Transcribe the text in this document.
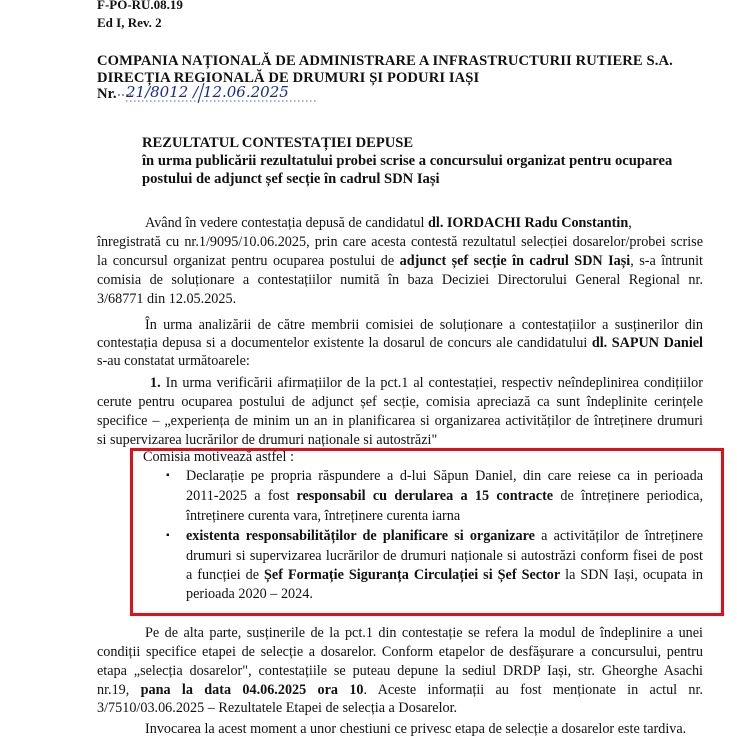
F-PO-RU.08.19
Ed I, Rev. 2
COMPANIA NAȚIONALĂ DE ADMINISTRARE A INFRASTRUCTURII RUTIERE S.A.
DIRECȚIA REGIONALĂ DE DRUMURI ȘI PODURI IAȘI
Nr. 21/8012 / 12.06.2025
REZULTATUL CONTESTAȚIEI DEPUSE
în urma publicării rezultatului probei scrise a concursului organizat pentru ocuparea
postului de adjunct șef secție în cadrul SDN Iași
Având în vedere contestația depusă de candidatul dl. IORDACHI Radu Constantin,
înregistrată cu nr.1/9095/10.06.2025, prin care acesta contestă rezultatul selecției dosarelor/probei scrise
la concursul organizat pentru ocuparea postului de adjunct șef secție în cadrul SDN Iași, s-a întrunit
comisia de soluționare a contestațiilor numită în baza Deciziei Directorului General Regional nr.
3/68771 din 12.05.2025.
În urma analizării de către membrii comisiei de soluționare a contestațiilor a susținerilor din
contestația depusa si a documentelor existente la dosarul de concurs ale candidatului dl. SAPUN Daniel
s-au constatat următoarele:
1. In urma verificării afirmațiilor de la pct.1 al contestației, respectiv neîndeplinirea condițiilor
cerute pentru ocuparea postului de adjunct șef secție, comisia apreciază ca sunt îndeplinite cerințele
specifice – „experiența de minim un an in planificarea si organizarea activităților de întreținere drumuri
si supervizarea lucrărilor de drumuri naționale si autostrăzi"
Comisia motivează astfel :
▪ Declarație pe propria răspundere a d-lui Săpun Daniel, din care reiese ca in perioada
2011-2025 a fost responsabil cu derularea a 15 contracte de întreținere periodica,
întreținere curenta vara, întreținere curenta iarna
▪ existenta responsabilităților de planificare si organizare a activităților de întreținere
drumuri si supervizarea lucrărilor de drumuri naționale si autostrăzi conform fisei de post
a funcției de Șef Formație Siguranța Circulației si Șef Sector la SDN Iași, ocupata in
perioada 2020 – 2024.
Pe de alta parte, susținerile de la pct.1 din contestație se refera la modul de îndeplinire a unei
condiții specifice etapei de selecție a dosarelor. Conform etapelor de desfășurare a concursului, pentru
etapa „selecția dosarelor", contestațiile se puteau depune la sediul DRDP Iași, str. Gheorghe Asachi
nr.19, pana la data 04.06.2025 ora 10. Aceste informații au fost menționate in actul nr.
3/7510/03.06.2025 – Rezultatele Etapei de selecția a Dosarelor.
Invocarea la acest moment a unor chestiuni ce privesc etapa de selecție a dosarelor este tardiva.
